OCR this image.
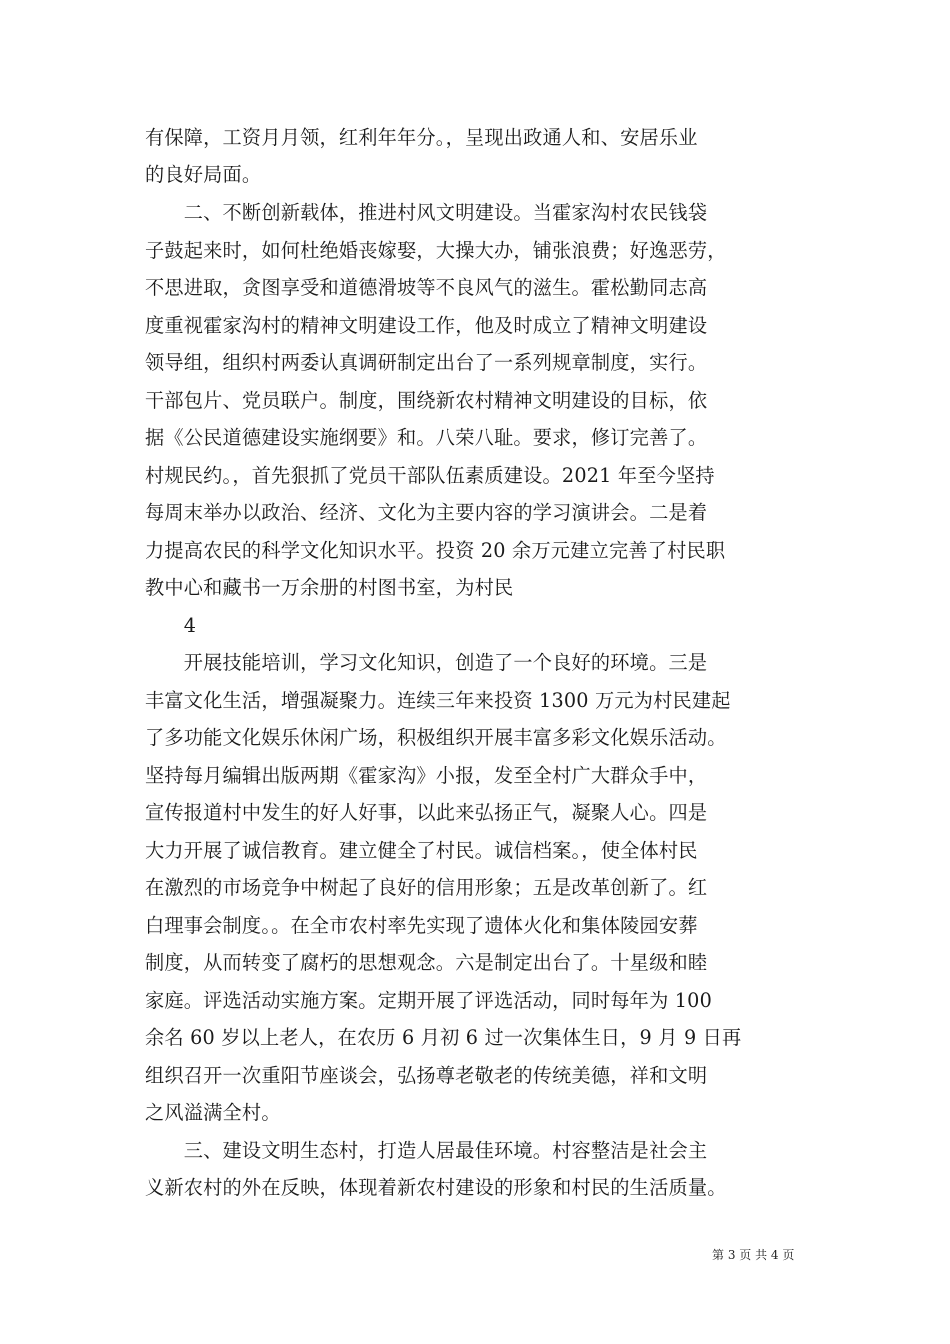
有保障，工资月月领，红利年年分。，呈现出政通人和、安居乐业
的良好局面。
　　二、不断创新载体，推进村风文明建设。当霍家沟村农民钱袋
子鼓起来时，如何杜绝婚丧嫁娶，大操大办，铺张浪费；好逸恶劳，
不思进取，贪图享受和道德滑坡等不良风气的滋生。霍松勤同志高
度重视霍家沟村的精神文明建设工作，他及时成立了精神文明建设
领导组，组织村两委认真调研制定出台了一系列规章制度，实行。
干部包片、党员联户。制度，围绕新农村精神文明建设的目标，依
据《公民道德建设实施纲要》和。八荣八耻。要求，修订完善了。
村规民约。，首先狠抓了党员干部队伍素质建设。2021 年至今坚持
每周末举办以政治、经济、文化为主要内容的学习演讲会。二是着
力提高农民的科学文化知识水平。投资 20 余万元建立完善了村民职
教中心和藏书一万余册的村图书室，为村民
　　4
　　开展技能培训，学习文化知识，创造了一个良好的环境。三是
丰富文化生活，增强凝聚力。连续三年来投资 1300 万元为村民建起
了多功能文化娱乐休闲广场，积极组织开展丰富多彩文化娱乐活动。
坚持每月编辑出版两期《霍家沟》小报，发至全村广大群众手中，
宣传报道村中发生的好人好事，以此来弘扬正气，凝聚人心。四是
大力开展了诚信教育。建立健全了村民。诚信档案。，使全体村民
在激烈的市场竞争中树起了良好的信用形象；五是改革创新了。红
白理事会制度。。在全市农村率先实现了遗体火化和集体陵园安葬
制度，从而转变了腐朽的思想观念。六是制定出台了。十星级和睦
家庭。评选活动实施方案。定期开展了评选活动，同时每年为 100
余名 60 岁以上老人，在农历 6 月初 6 过一次集体生日，9 月 9 日再
组织召开一次重阳节座谈会，弘扬尊老敬老的传统美德，祥和文明
之风溢满全村。
　　三、建设文明生态村，打造人居最佳环境。村容整洁是社会主
义新农村的外在反映，体现着新农村建设的形象和村民的生活质量。
第 3 页 共 4 页
